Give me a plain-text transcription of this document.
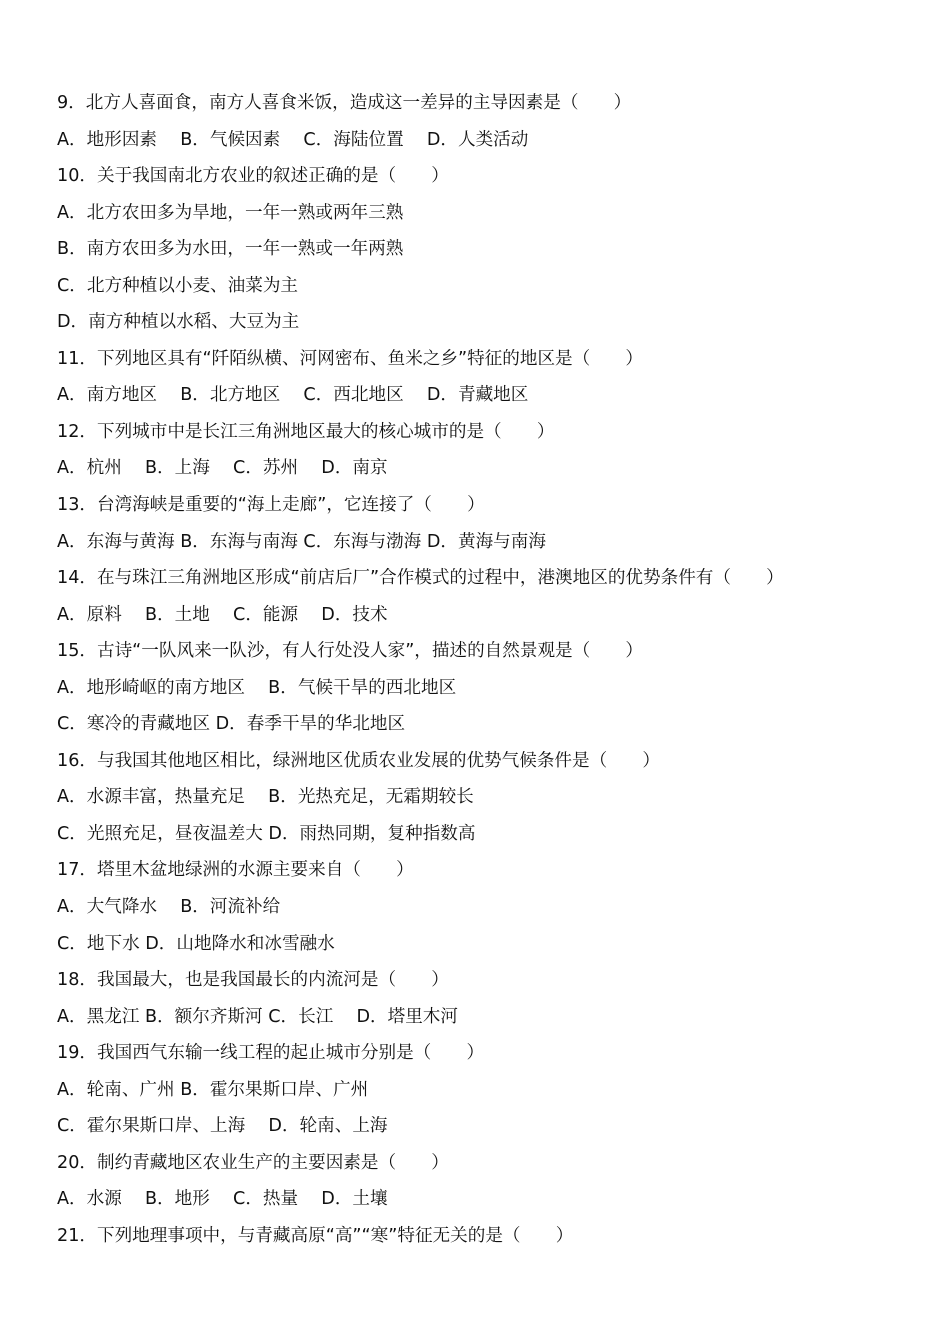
9．北方人喜面食，南方人喜食米饭，造成这一差异的主导因素是（　　）
A．地形因素　 B．气候因素　 C．海陆位置　 D．人类活动
10．关于我国南北方农业的叙述正确的是（　　）
A．北方农田多为旱地，一年一熟或两年三熟
B．南方农田多为水田，一年一熟或一年两熟
C．北方种植以小麦、油菜为主
D．南方种植以水稻、大豆为主
11．下列地区具有“阡陌纵横、河网密布、鱼米之乡”特征的地区是（　　）
A．南方地区　 B．北方地区　 C．西北地区　 D．青藏地区
12．下列城市中是长江三角洲地区最大的核心城市的是（　　）
A．杭州　 B．上海　 C．苏州　 D．南京
13．台湾海峡是重要的“海上走廊”，它连接了（　　）
A．东海与黄海 B．东海与南海 C．东海与渤海 D．黄海与南海
14．在与珠江三角洲地区形成“前店后厂”合作模式的过程中，港澳地区的优势条件有（　　）
A．原料　 B．土地　 C．能源　 D．技术
15．古诗“一队风来一队沙，有人行处没人家”，描述的自然景观是（　　）
A．地形崎岖的南方地区　 B．气候干旱的西北地区
C．寒冷的青藏地区 D．春季干旱的华北地区
16．与我国其他地区相比，绿洲地区优质农业发展的优势气候条件是（　　）
A．水源丰富，热量充足　 B．光热充足，无霜期较长
C．光照充足，昼夜温差大 D．雨热同期，复种指数高
17．塔里木盆地绿洲的水源主要来自（　　）
A．大气降水　 B．河流补给
C．地下水 D．山地降水和冰雪融水
18．我国最大，也是我国最长的内流河是（　　）
A．黑龙江 B．额尔齐斯河 C．长江　 D．塔里木河
19．我国西气东输一线工程的起止城市分别是（　　）
A．轮南、广州 B．霍尔果斯口岸、广州
C．霍尔果斯口岸、上海　 D．轮南、上海
20．制约青藏地区农业生产的主要因素是（　　）
A．水源　 B．地形　 C．热量　 D．土壤
21．下列地理事项中，与青藏高原“高”“寒”特征无关的是（　　）
